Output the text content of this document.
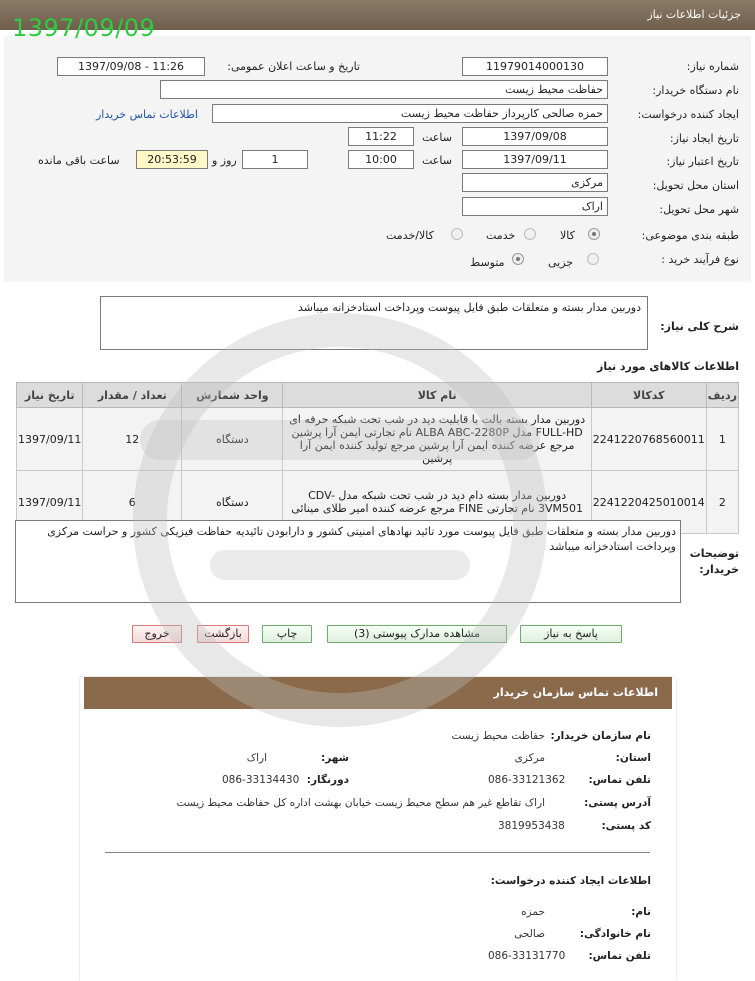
جزئیات اطلاعات نیاز
1397/09/09
شماره نیاز:
11979014000130
تاریخ و ساعت اعلان عمومی:
1397/09/08 - 11:26
نام دستگاه خریدار:
حفاظت محیط زیست
ایجاد کننده درخواست:
حمزه صالحی کارپرداز حفاظت محیط زیست
اطلاعات تماس خریدار
تاریخ ایجاد نیاز:
1397/09/08
ساعت
11:22
تاریخ اعتبار نیاز:
1397/09/11
ساعت
10:00
1
روز و
20:53:59
ساعت باقی مانده
استان محل تحویل:
مرکزی
شهر محل تحویل:
اراک
طبقه بندی موضوعی:
کالا
خدمت
کالا/خدمت
نوع فرآیند خرید :
جزیی
متوسط
دوربین مدار بسته و متعلقات طبق فایل پیوست وپرداخت استادخزانه میباشد
شرح کلی نیاز:
اطلاعات کالاهای مورد نیاز
ردیف	کدکالا	نام کالا	واحد شمارش	تعداد / مقدار	تاریخ نیاز
1	2241220768560011	دوربین مدار بسته بالت با قابلیت دید در شب تحت شبکه حرفه ای FULL-HD مدل ALBA ABC-2280P نام تجارتی ایمن آرا پرشین مرجع عرضه کننده ایمن آرا پرشین مرجع تولید کننده ایمن آرا پرشین	دستگاه	12	1397/09/11
2	2241220425010014	دوربین مدار بسته دام دید در شب تحت شبکه مدل CDV-3VM501 نام تجارتی FINE مرجع عرضه کننده امیر طلای مینائی	دستگاه	6	1397/09/11
دوربین مدار بسته و متعلقات طبق فایل پیوست مورد تائید نهادهای امنیتی کشور و دارابودن تائیدیه حفاظت فیزیکی کشور و حراست مرکزی وپرداخت استادخزانه میباشد
توضیحات خریدار:
پاسخ به نیاز
مشاهده مدارک پیوستی (3)
چاپ
بازگشت
خروج
اطلاعات تماس سازمان خریدار
نام سازمان خریدار:
حفاظت محیط زیست
استان:
مرکزی
شهر:
اراک
تلفن تماس:
086-33121362
دورنگار:
086-33134430
آدرس پستی:
اراک تقاطع غیر هم سطح محیط زیست خیابان بهشت اداره کل حفاظت محیط زیست
کد پستی:
3819953438
اطلاعات ایجاد کننده درخواست:
نام:
حمزه
نام خانوادگی:
صالحی
تلفن تماس:
086-33131770
